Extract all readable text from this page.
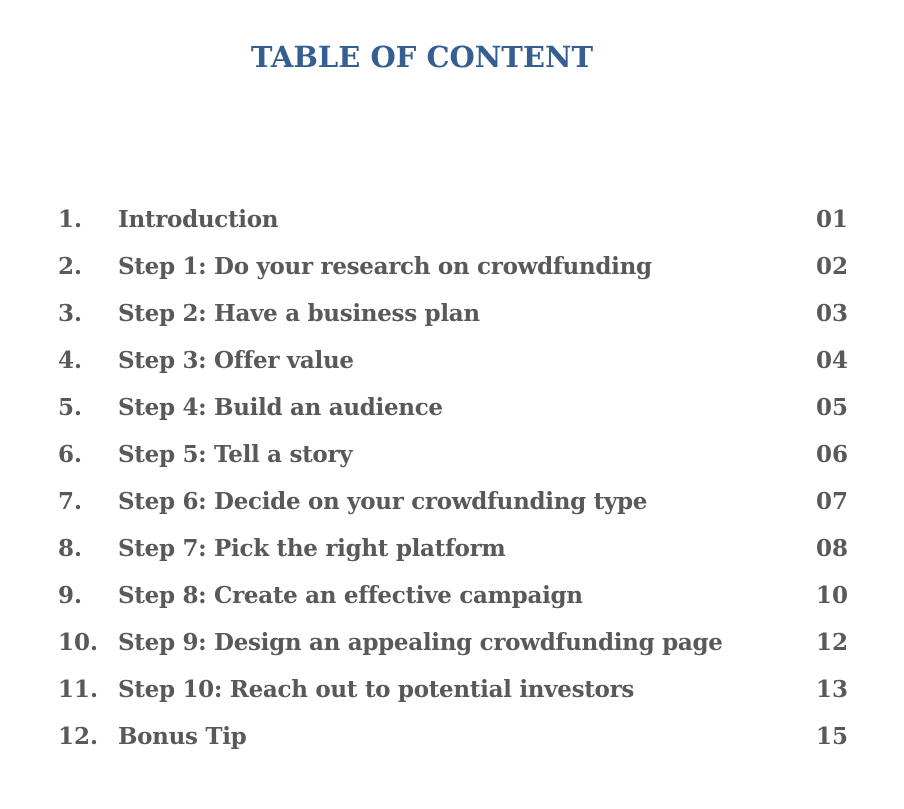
TABLE OF CONTENT
1.	Introduction	01
2.	Step 1: Do your research on crowdfunding	02
3.	Step 2: Have a business plan	03
4.	Step 3: Offer value	04
5.	Step 4: Build an audience	05
6.	Step 5: Tell a story	06
7.	Step 6: Decide on your crowdfunding type	07
8.	Step 7: Pick the right platform	08
9.	Step 8: Create an effective campaign	10
10. Step 9: Design an appealing crowdfunding page	12
11. Step 10: Reach out to potential investors	13
12. Bonus Tip	15
